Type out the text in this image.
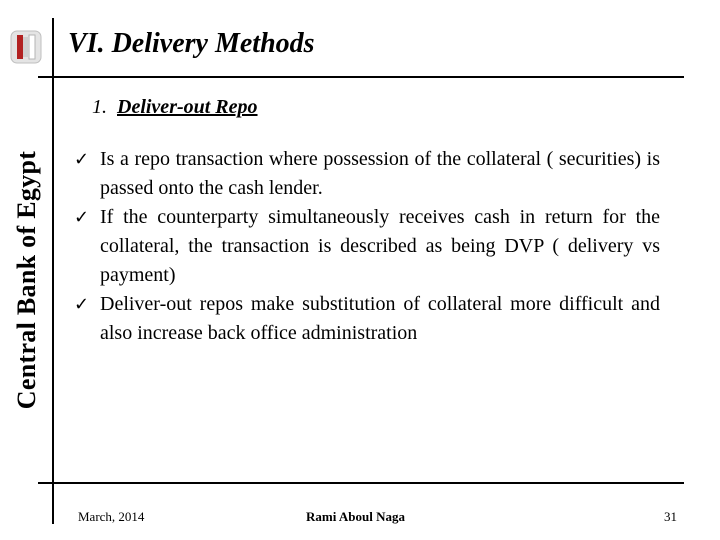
Central Bank of Egypt
VI. Delivery Methods
1. Deliver-out Repo
✓ Is a repo transaction where possession of the collateral ( securities) is passed onto the cash lender.
✓ If the counterparty simultaneously receives cash in return for the collateral, the transaction is described as being DVP ( delivery vs payment)
✓ Deliver-out repos make substitution of collateral more difficult and also increase back office administration
March, 2014	Rami Aboul Naga	31
